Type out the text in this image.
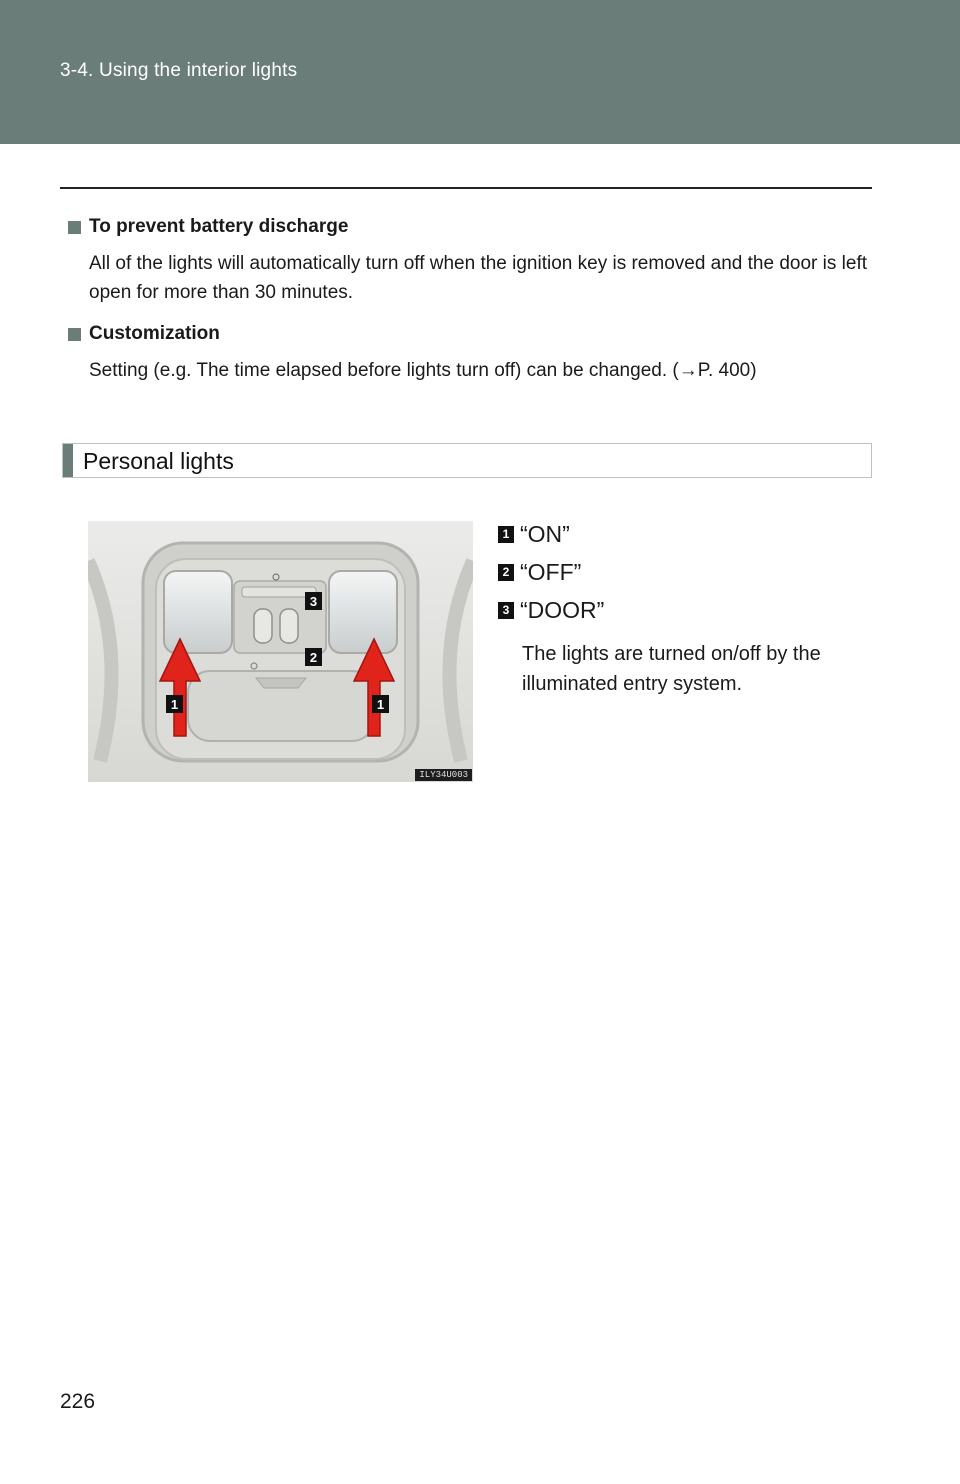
3-4. Using the interior lights
To prevent battery discharge
All of the lights will automatically turn off when the ignition key is removed and the door is left open for more than 30 minutes.
Customization
Setting (e.g. The time elapsed before lights turn off) can be changed. (→P. 400)
Personal lights
1	1
2
3
ILY34U003
1 “ON”
2 “OFF”
3 “DOOR”
The lights are turned on/off by the illuminated entry system.
226
